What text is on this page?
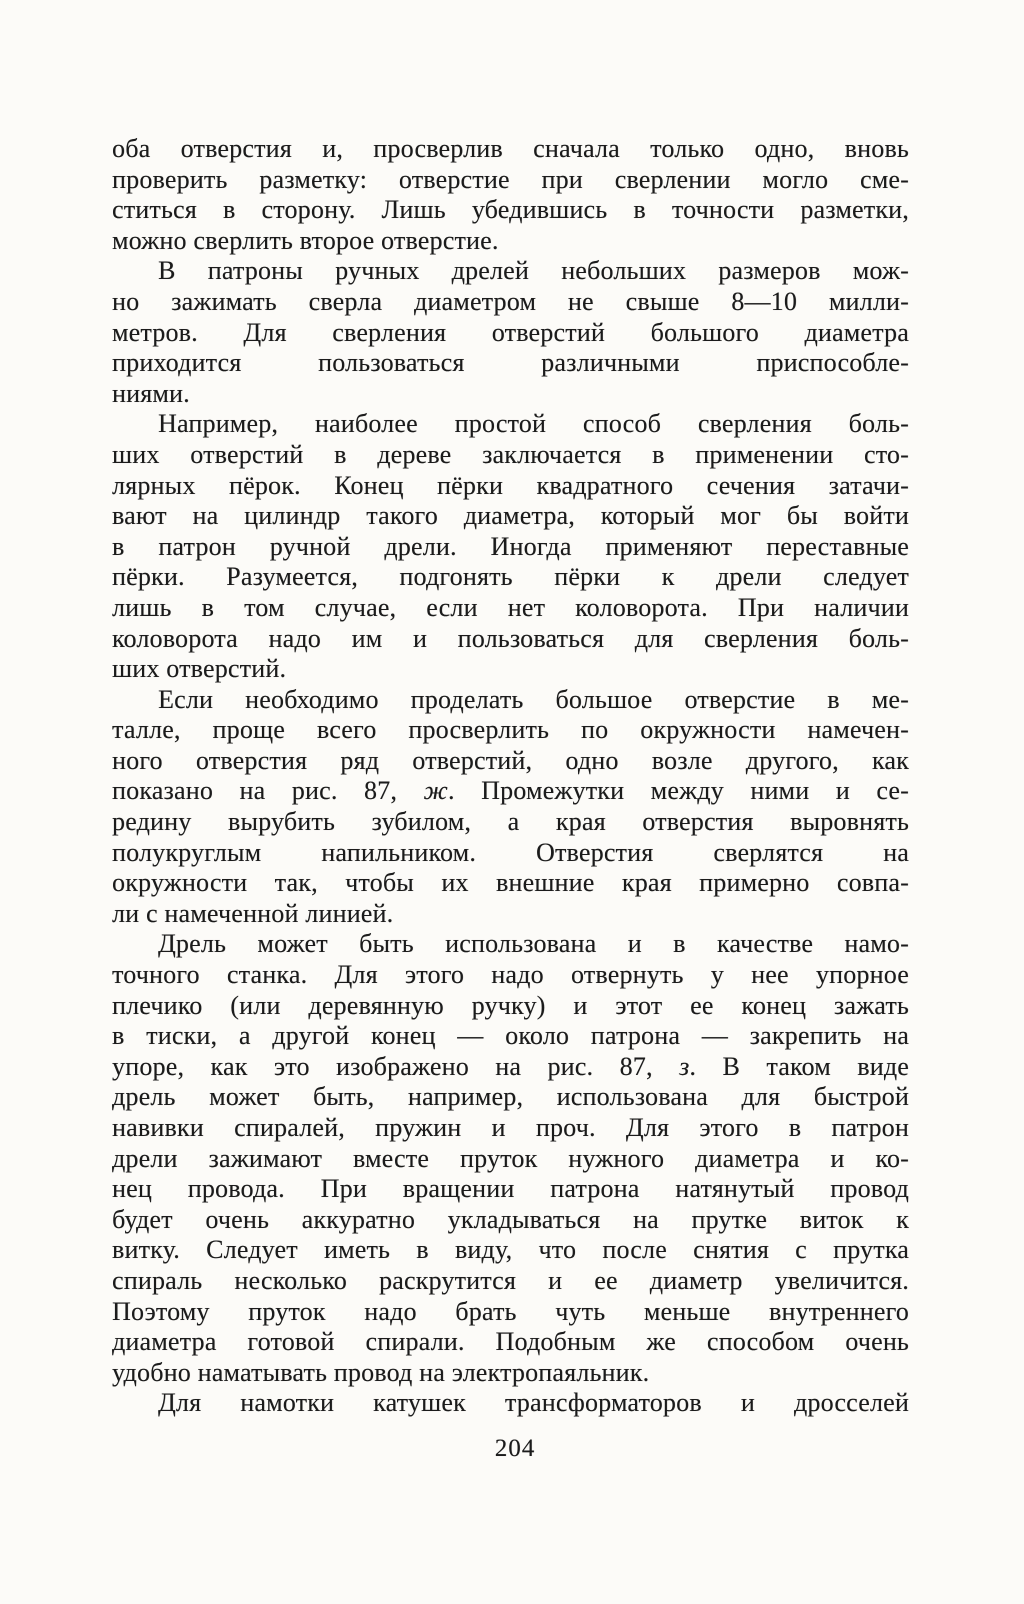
оба отверстия и, просверлив сначала только одно, вновь
проверить разметку: отверстие при сверлении могло сме-
ститься в сторону. Лишь убедившись в точности разметки,
можно сверлить второе отверстие.
В патроны ручных дрелей небольших размеров мож-
но зажимать сверла диаметром не свыше 8—10 милли-
метров. Для сверления отверстий большого диаметра
приходится пользоваться различными приспособле-
ниями.
Например, наиболее простой способ сверления боль-
ших отверстий в дереве заключается в применении сто-
лярных пёрок. Конец пёрки квадратного сечения затачи-
вают на цилиндр такого диаметра, который мог бы войти
в патрон ручной дрели. Иногда применяют переставные
пёрки. Разумеется, подгонять пёрки к дрели следует
лишь в том случае, если нет коловорота. При наличии
коловорота надо им и пользоваться для сверления боль-
ших отверстий.
Если необходимо проделать большое отверстие в ме-
талле, проще всего просверлить по окружности намечен-
ного отверстия ряд отверстий, одно возле другого, как
показано на рис. 87, ж. Промежутки между ними и се-
редину вырубить зубилом, а края отверстия выровнять
полукруглым напильником. Отверстия сверлятся на
окружности так, чтобы их внешние края примерно совпа-
ли с намеченной линией.
Дрель может быть использована и в качестве намо-
точного станка. Для этого надо отвернуть у нее упорное
плечико (или деревянную ручку) и этот ее конец зажать
в тиски, а другой конец — около патрона — закрепить на
упоре, как это изображено на рис. 87, з. В таком виде
дрель может быть, например, использована для быстрой
навивки спиралей, пружин и проч. Для этого в патрон
дрели зажимают вместе пруток нужного диаметра и ко-
нец провода. При вращении патрона натянутый провод
будет очень аккуратно укладываться на прутке виток к
витку. Следует иметь в виду, что после снятия с прутка
спираль несколько раскрутится и ее диаметр увеличится.
Поэтому пруток надо брать чуть меньше внутреннего
диаметра готовой спирали. Подобным же способом очень
удобно наматывать провод на электропаяльник.
Для намотки катушек трансформаторов и дросселей
204
